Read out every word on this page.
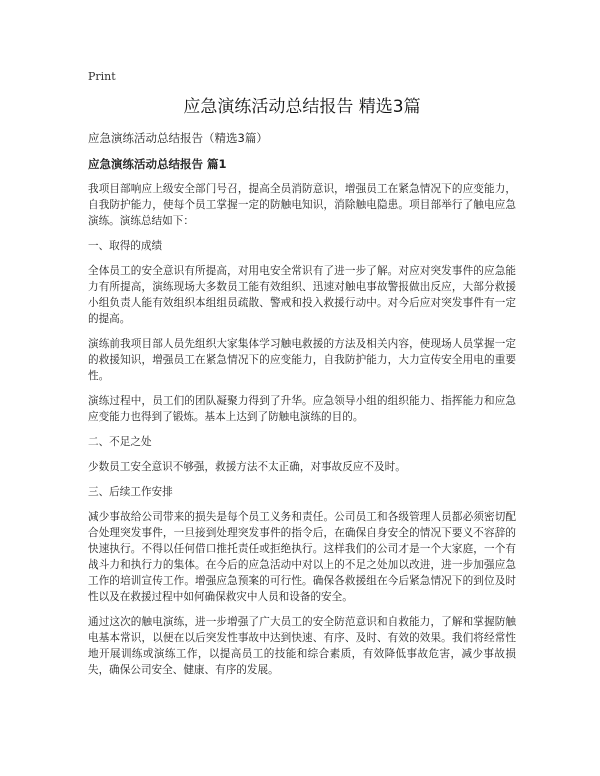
Print
应急演练活动总结报告 精选3篇
应急演练活动总结报告（精选3篇）
应急演练活动总结报告 篇1

我项目部响应上级安全部门号召，提高全员消防意识，增强员工在紧急情况下的应变能力，自我防护能力，使每个员工掌握一定的防触电知识，消除触电隐患。项目部举行了触电应急演练。演练总结如下：

一、取得的成绩

全体员工的安全意识有所提高，对用电安全常识有了进一步了解。对应对突发事件的应急能力有所提高，演练现场大多数员工能有效组织、迅速对触电事故警报做出反应，大部分救援小组负责人能有效组织本组组员疏散、警戒和投入救援行动中。对今后应对突发事件有一定的提高。

演练前我项目部人员先组织大家集体学习触电救援的方法及相关内容，使现场人员掌握一定的救援知识，增强员工在紧急情况下的应变能力，自我防护能力，大力宣传安全用电的重要性。

演练过程中，员工们的团队凝聚力得到了升华。应急领导小组的组织能力、指挥能力和应急应变能力也得到了锻炼。基本上达到了防触电演练的目的。

二、不足之处

少数员工安全意识不够强，救援方法不太正确，对事故反应不及时。

三、后续工作安排

减少事故给公司带来的损失是每个员工义务和责任。公司员工和各级管理人员都必须密切配合处理突发事件，一旦接到处理突发事件的指令后，在确保自身安全的情况下要义不容辞的快速执行。不得以任何借口推托责任或拒绝执行。这样我们的公司才是一个大家庭，一个有战斗力和执行力的集体。在今后的应急活动中对以上的不足之处加以改进，进一步加强应急工作的培训宣传工作。增强应急预案的可行性。确保各救援组在今后紧急情况下的到位及时性以及在救援过程中如何确保救灾中人员和设备的安全。

通过这次的触电演练，进一步增强了广大员工的安全防范意识和自救能力，了解和掌握防触电基本常识，以便在以后突发性事故中达到快速、有序、及时、有效的效果。我们将经常性地开展训练或演练工作，以提高员工的技能和综合素质，有效降低事故危害，减少事故损失，确保公司安全、健康、有序的发展。
